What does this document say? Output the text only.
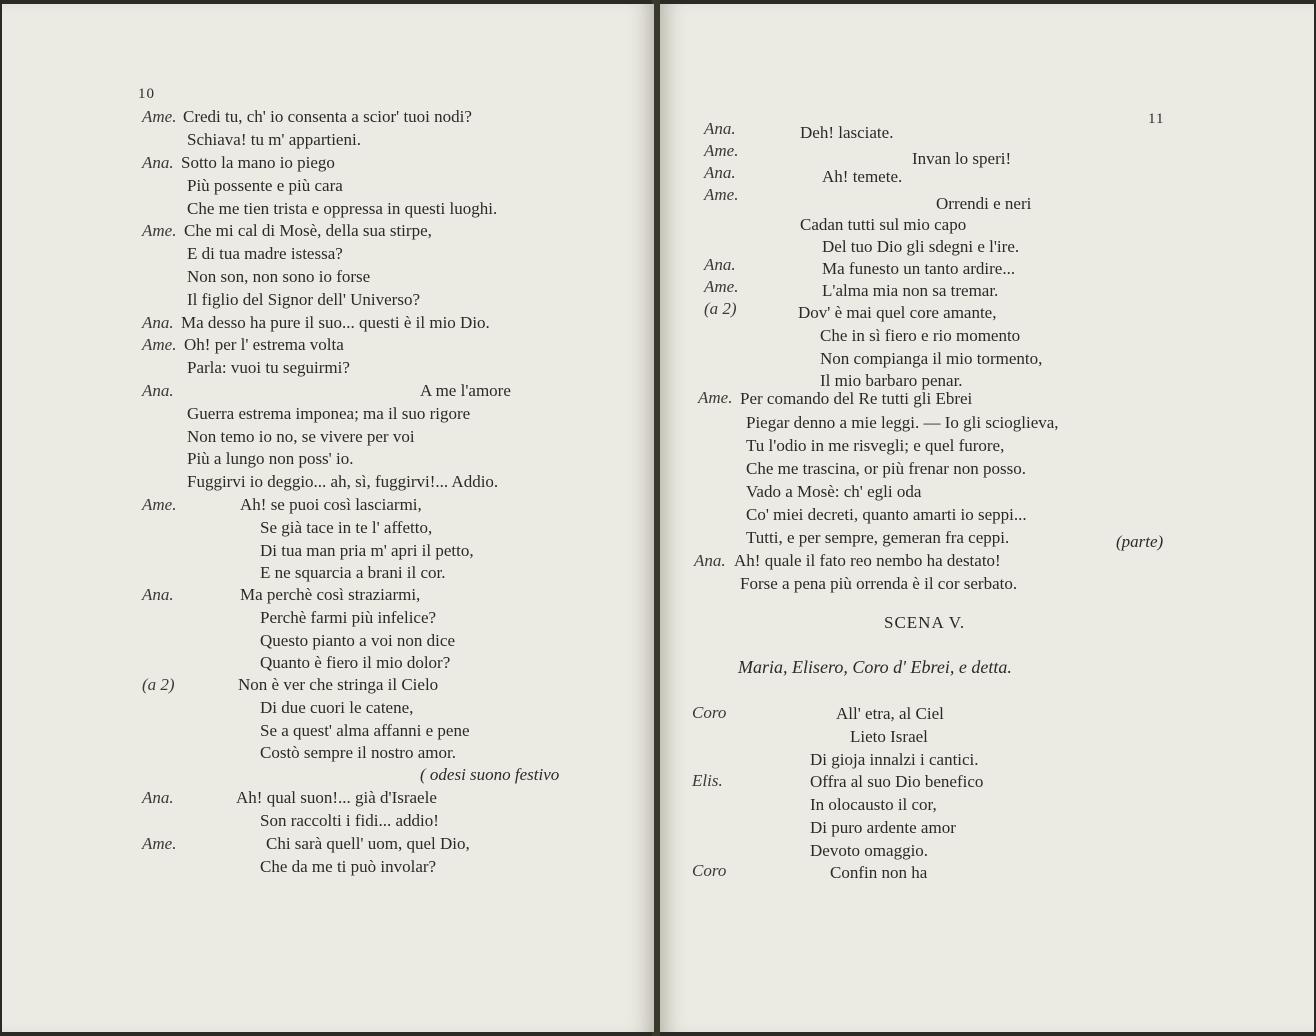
10
Ame. Credi tu, ch' io consenta a scior' tuoi nodi?
Schiava! tu m' appartieni.
Ana. Sotto la mano io piego
Più possente e più cara
Che me tien trista e oppressa in questi luoghi.
Ame. Che mi cal di Mosè, della sua stirpe,
E di tua madre istessa?
Non son, non sono io forse
Il figlio del Signor dell' Universo?
Ana. Ma desso ha pure il suo... questi è il mio Dio.
Ame. Oh! per l' estrema volta
Parla: vuoi tu seguirmi?
Ana.	A me l'amore
Guerra estrema imponea; ma il suo rigore
Non temo io no, se vivere per voi
Più a lungo non poss' io.
Fuggirvi io deggio... ah, sì, fuggirvi!... Addio.
Ame.	Ah! se puoi così lasciarmi,
Se già tace in te l' affetto,
Di tua man pria m' apri il petto,
E ne squarcia a brani il cor.
Ana.	Ma perchè così straziarmi,
Perchè farmi più infelice?
Questo pianto a voi non dice
Quanto è fiero il mio dolor?
(a 2)	Non è ver che stringa il Cielo
Di due cuori le catene,
Se a quest' alma affanni e pene
Costò sempre il nostro amor.
( odesi suono festivo
Ana.	Ah! qual suon!... già d'Israele
Son raccolti i fidi... addio!
Ame.	Chi sarà quell' uom, quel Dio,
Che da me ti può involar?
11
Ana.	Deh! lasciate.
Ame.	Invan lo speri!
Ana.	Ah! temete.
Ame.	Orrendi e neri
Cadan tutti sul mio capo
Del tuo Dio gli sdegni e l'ire.
Ana.	Ma funesto un tanto ardire...
Ame.	L'alma mia non sa tremar.
(a 2)	Dov' è mai quel core amante,
Che in sì fiero e rio momento
Non compianga il mio tormento,
Il mio barbaro penar.
Ame. Per comando del Re tutti gli Ebrei
Piegar denno a mie leggi. — Io gli scioglieva,
Tu l'odio in me risvegli; e quel furore,
Che me trascina, or più frenar non posso.
Vado a Mosè: ch' egli oda
Co' miei decreti, quanto amarti io seppi...
Tutti, e per sempre, gemeran fra ceppi.	(parte)
Ana. Ah! quale il fato reo nembo ha destato!
Forse a pena più orrenda è il cor serbato.
SCENA V.
Maria, Elisero, Coro d' Ebrei, e detta.
Coro	All' etra, al Ciel
Lieto Israel
Di gioja innalzi i cantici.
Elis.	Offra al suo Dio benefico
In olocausto il cor,
Di puro ardente amor
Devoto omaggio.
Coro	Confin non ha
